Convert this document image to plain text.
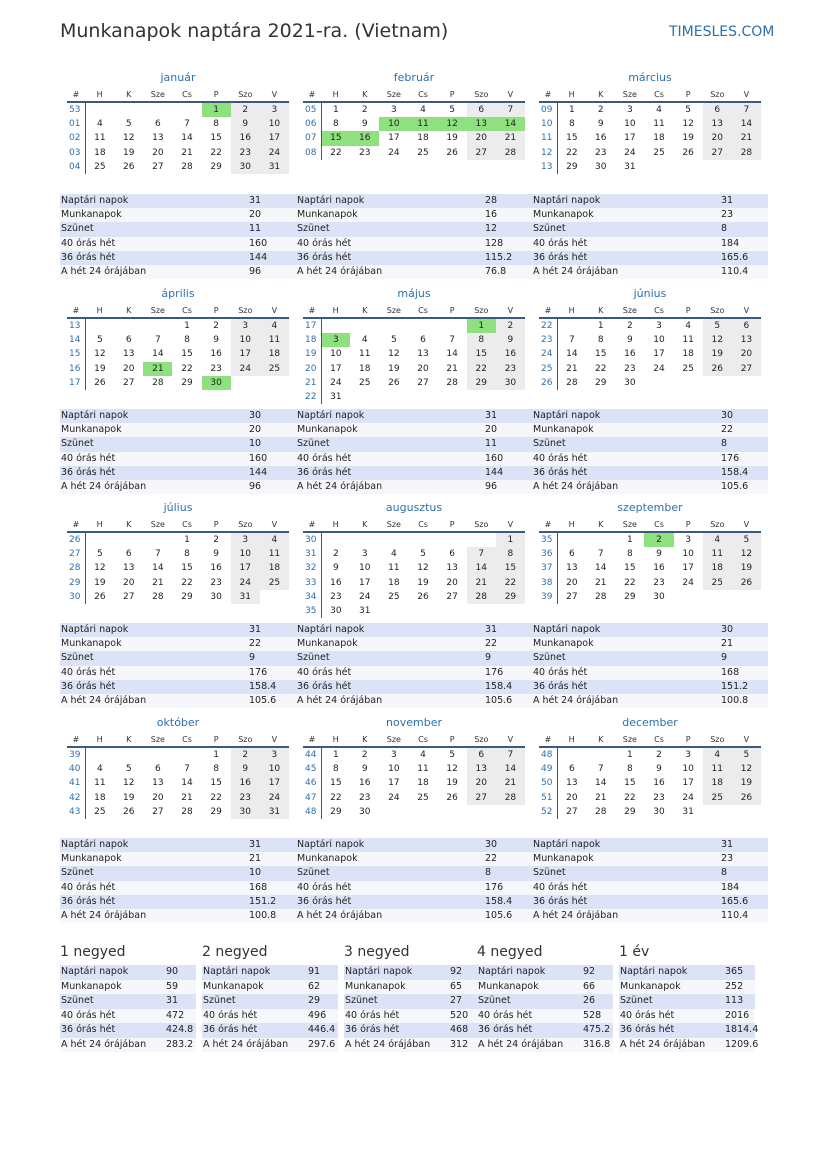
Munkanapok naptára 2021-ra. (Vietnam)	TIMESLES.COM
január
#	H	K	Sze	Cs	P	Szo	V
53					1	2	3
01	4	5	6	7	8	9	10
02	11	12	13	14	15	16	17
03	18	19	20	21	22	23	24
04	25	26	27	28	29	30	31
Naptári napok	31
Munkanapok	20
Szünet	11
40 órás hét	160
36 órás hét	144
A hét 24 órájában	96
február
#	H	K	Sze	Cs	P	Szo	V
05	1	2	3	4	5	6	7
06	8	9	10	11	12	13	14
07	15	16	17	18	19	20	21
08	22	23	24	25	26	27	28
Naptári napok	28
Munkanapok	16
Szünet	12
40 órás hét	128
36 órás hét	115.2
A hét 24 órájában	76.8
március
#	H	K	Sze	Cs	P	Szo	V
09	1	2	3	4	5	6	7
10	8	9	10	11	12	13	14
11	15	16	17	18	19	20	21
12	22	23	24	25	26	27	28
13	29	30	31				
Naptári napok	31
Munkanapok	23
Szünet	8
40 órás hét	184
36 órás hét	165.6
A hét 24 órájában	110.4
április
#	H	K	Sze	Cs	P	Szo	V
13				1	2	3	4
14	5	6	7	8	9	10	11
15	12	13	14	15	16	17	18
16	19	20	21	22	23	24	25
17	26	27	28	29	30		
Naptári napok	30
Munkanapok	20
Szünet	10
40 órás hét	160
36 órás hét	144
A hét 24 órájában	96
május
#	H	K	Sze	Cs	P	Szo	V
17						1	2
18	3	4	5	6	7	8	9
19	10	11	12	13	14	15	16
20	17	18	19	20	21	22	23
21	24	25	26	27	28	29	30
22	31						
Naptári napok	31
Munkanapok	20
Szünet	11
40 órás hét	160
36 órás hét	144
A hét 24 órájában	96
június
#	H	K	Sze	Cs	P	Szo	V
22		1	2	3	4	5	6
23	7	8	9	10	11	12	13
24	14	15	16	17	18	19	20
25	21	22	23	24	25	26	27
26	28	29	30				
Naptári napok	30
Munkanapok	22
Szünet	8
40 órás hét	176
36 órás hét	158.4
A hét 24 órájában	105.6
július
#	H	K	Sze	Cs	P	Szo	V
26				1	2	3	4
27	5	6	7	8	9	10	11
28	12	13	14	15	16	17	18
29	19	20	21	22	23	24	25
30	26	27	28	29	30	31	
Naptári napok	31
Munkanapok	22
Szünet	9
40 órás hét	176
36 órás hét	158.4
A hét 24 órájában	105.6
augusztus
#	H	K	Sze	Cs	P	Szo	V
30							1
31	2	3	4	5	6	7	8
32	9	10	11	12	13	14	15
33	16	17	18	19	20	21	22
34	23	24	25	26	27	28	29
35	30	31					
Naptári napok	31
Munkanapok	22
Szünet	9
40 órás hét	176
36 órás hét	158.4
A hét 24 órájában	105.6
szeptember
#	H	K	Sze	Cs	P	Szo	V
35			1	2	3	4	5
36	6	7	8	9	10	11	12
37	13	14	15	16	17	18	19
38	20	21	22	23	24	25	26
39	27	28	29	30			
Naptári napok	30
Munkanapok	21
Szünet	9
40 órás hét	168
36 órás hét	151.2
A hét 24 órájában	100.8
október
#	H	K	Sze	Cs	P	Szo	V
39					1	2	3
40	4	5	6	7	8	9	10
41	11	12	13	14	15	16	17
42	18	19	20	21	22	23	24
43	25	26	27	28	29	30	31
Naptári napok	31
Munkanapok	21
Szünet	10
40 órás hét	168
36 órás hét	151.2
A hét 24 órájában	100.8
november
#	H	K	Sze	Cs	P	Szo	V
44	1	2	3	4	5	6	7
45	8	9	10	11	12	13	14
46	15	16	17	18	19	20	21
47	22	23	24	25	26	27	28
48	29	30					
Naptári napok	30
Munkanapok	22
Szünet	8
40 órás hét	176
36 órás hét	158.4
A hét 24 órájában	105.6
december
#	H	K	Sze	Cs	P	Szo	V
48			1	2	3	4	5
49	6	7	8	9	10	11	12
50	13	14	15	16	17	18	19
51	20	21	22	23	24	25	26
52	27	28	29	30	31		
Naptári napok	31
Munkanapok	23
Szünet	8
40 órás hét	184
36 órás hét	165.6
A hét 24 órájában	110.4
1 negyed
Naptári napok	90
Munkanapok	59
Szünet	31
40 órás hét	472
36 órás hét	424.8
A hét 24 órájában 283.2
2 negyed
Naptári napok	91
Munkanapok	62
Szünet	29
40 órás hét	496
36 órás hét	446.4
A hét 24 órájában 297.6
3 negyed
Naptári napok	92
Munkanapok	65
Szünet	27
40 órás hét	520
36 órás hét	468
A hét 24 órájában 312
4 negyed
Naptári napok	92
Munkanapok	66
Szünet	26
40 órás hét	528
36 órás hét	475.2
A hét 24 órájában 316.8
1 év
Naptári napok	365
Munkanapok	252
Szünet	113
40 órás hét	2016
36 órás hét	1814.4
A hét 24 órájában 1209.6
